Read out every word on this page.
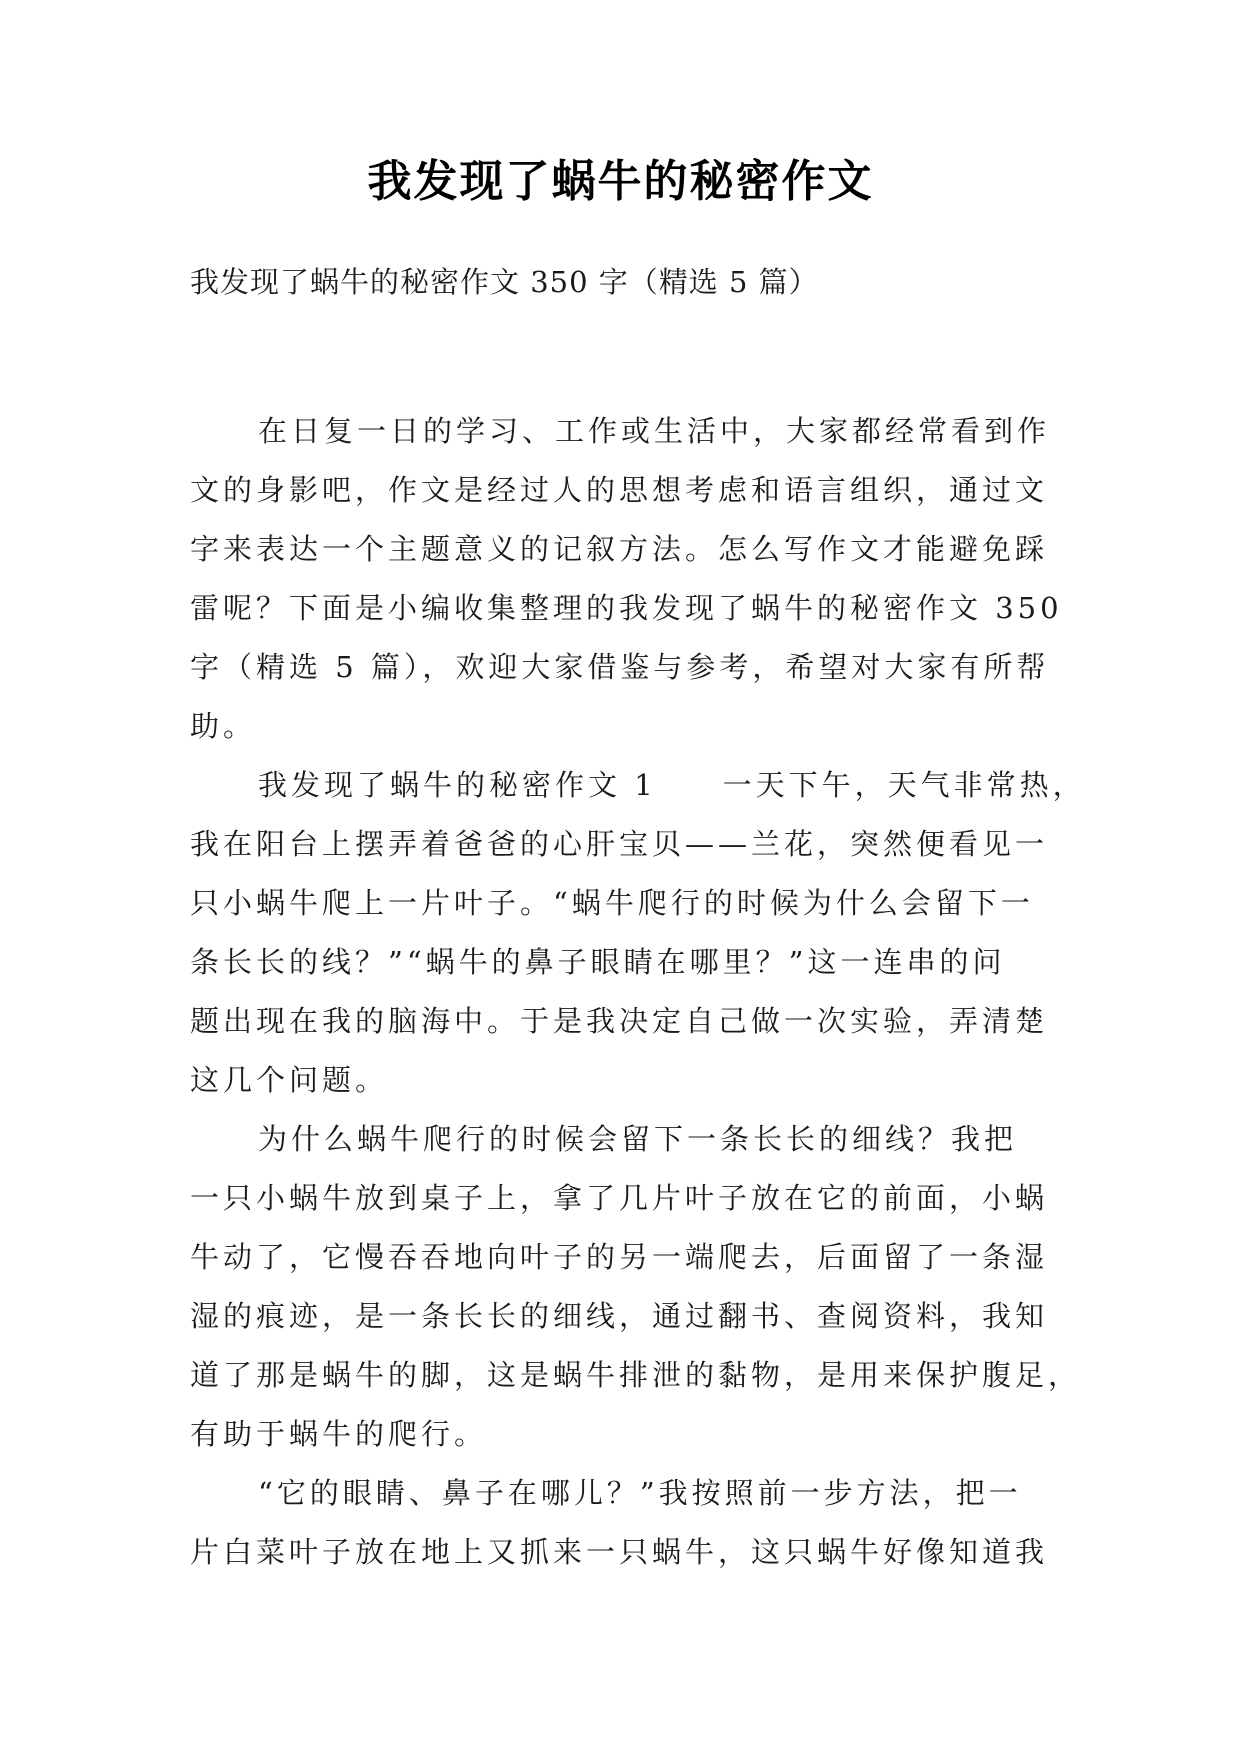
我发现了蜗牛的秘密作文
我发现了蜗牛的秘密作文 350 字（精选 5 篇）
在日复一日的学习、工作或生活中，大家都经常看到作
文的身影吧，作文是经过人的思想考虑和语言组织，通过文
字来表达一个主题意义的记叙方法。怎么写作文才能避免踩
雷呢？下面是小编收集整理的我发现了蜗牛的秘密作文 350
字（精选 5 篇），欢迎大家借鉴与参考，希望对大家有所帮
助。
我发现了蜗牛的秘密作文 1　　一天下午，天气非常热，
我在阳台上摆弄着爸爸的心肝宝贝——兰花，突然便看见一
只小蜗牛爬上一片叶子。“蜗牛爬行的时候为什么会留下一
条长长的线？”“蜗牛的鼻子眼睛在哪里？”这一连串的问
题出现在我的脑海中。于是我决定自己做一次实验，弄清楚
这几个问题。
为什么蜗牛爬行的时候会留下一条长长的细线？我把
一只小蜗牛放到桌子上，拿了几片叶子放在它的前面，小蜗
牛动了，它慢吞吞地向叶子的另一端爬去，后面留了一条湿
湿的痕迹，是一条长长的细线，通过翻书、查阅资料，我知
道了那是蜗牛的脚，这是蜗牛排泄的黏物，是用来保护腹足，
有助于蜗牛的爬行。
“它的眼睛、鼻子在哪儿？”我按照前一步方法，把一
片白菜叶子放在地上又抓来一只蜗牛，这只蜗牛好像知道我
